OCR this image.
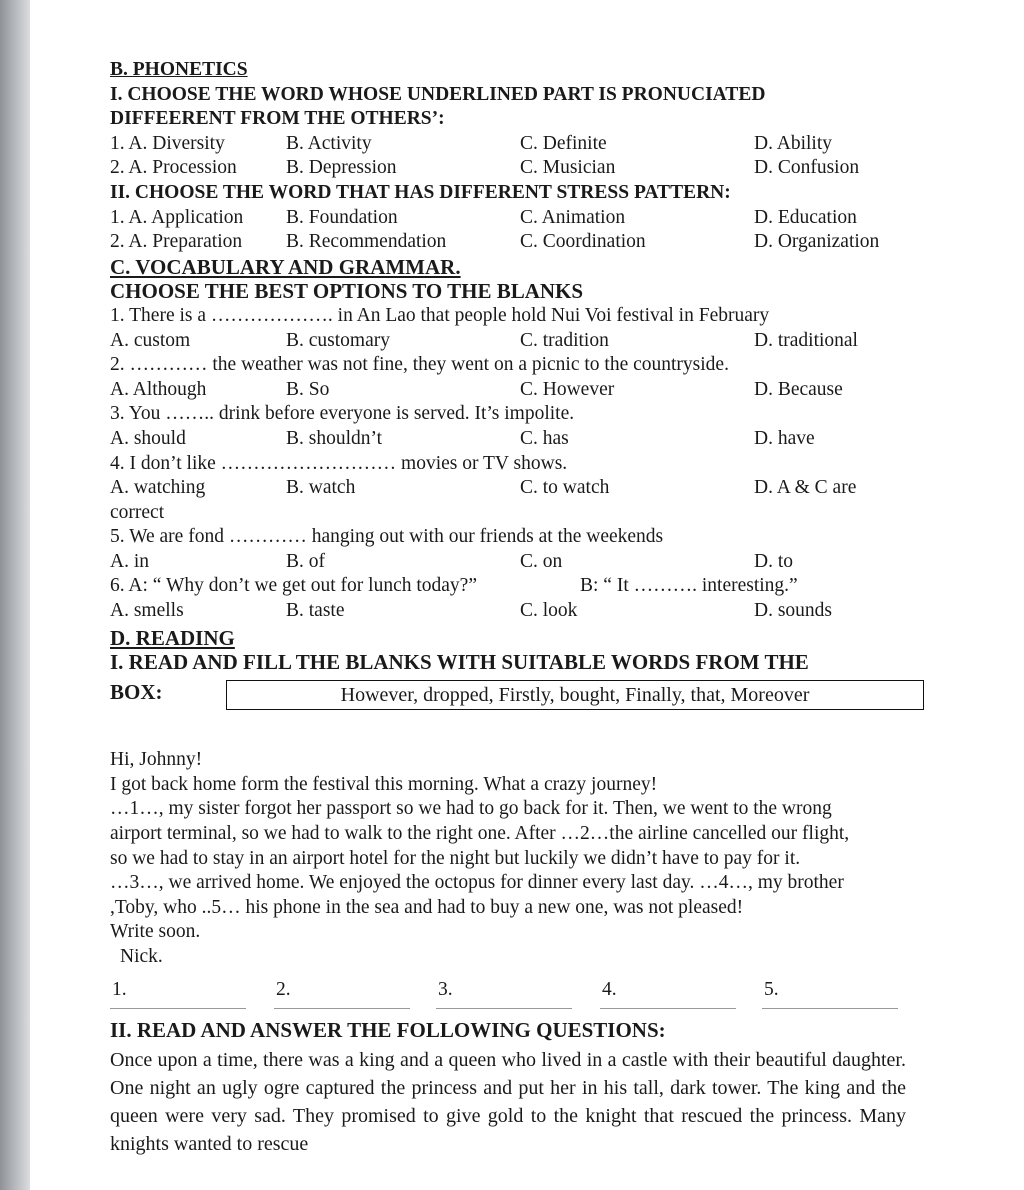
B. PHONETICS
I. CHOOSE THE WORD WHOSE UNDERLINED PART IS PRONUCIATED
DIFFEERENT FROM THE OTHERS’:
1. A. Diversity	B. Activity	C. Definite	D. Ability
2. A. Procession	B. Depression	C. Musician	D. Confusion
II. CHOOSE THE WORD THAT HAS DIFFERENT STRESS PATTERN:
1. A. Application B. Foundation	C. Animation	D. Education
2. A. Preparation B. Recommendation	C. Coordination	D. Organization
C. VOCABULARY AND GRAMMAR.
CHOOSE THE BEST OPTIONS TO THE BLANKS
1. There is a ………………. in An Lao that people hold Nui Voi festival in February
A. custom	B. customary	C. tradition	D. traditional
2. ………… the weather was not fine, they went on a picnic to the countryside.
A. Although	B. So	C. However	D. Because
3. You …….. drink before everyone is served. It’s impolite.
A. should	B. shouldn’t	C. has	D. have
4. I don’t like ……………………… movies or TV shows.
A. watching	B. watch	C. to watch	D. A & C are
correct
5. We are fond ………… hanging out with our friends at the weekends
A. in	B. of	C. on	D. to
6. A: “ Why don’t we get out for lunch today?”	B: “ It ………. interesting.”
A. smells	B. taste	C. look	D. sounds
D. READING
I. READ AND FILL THE BLANKS WITH SUITABLE WORDS FROM THE
BOX:	However, dropped, Firstly, bought, Finally, that, Moreover
Hi, Johnny!
I got back home form the festival this morning. What a crazy journey!
…1…, my sister forgot her passport so we had to go back for it. Then, we went to the wrong
airport terminal, so we had to walk to the right one. After …2…the airline cancelled our flight,
so we had to stay in an airport hotel for the night but luckily we didn’t have to pay for it.
…3…, we arrived home. We enjoyed the octopus for dinner every last day. …4…, my brother
,Toby, who ..5… his phone in the sea and had to buy a new one, was not pleased!
Write soon.
Nick.
1.	2.	3.	4.	5.
II. READ AND ANSWER THE FOLLOWING QUESTIONS:
Once upon a time, there was a king and a queen who lived in a castle with their beautiful daughter. One night an ugly ogre captured the princess and put her in his tall, dark tower. The king and the queen were very sad. They promised to give gold to the knight that rescued the princess. Many knights wanted to rescue
